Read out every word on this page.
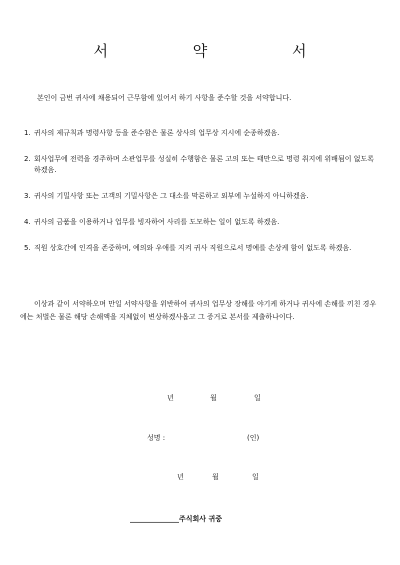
서 약 서
본인이 금번 귀사에 채용되어 근무함에 있어서 하기 사항을 준수할 것을 서약합니다.
1. 귀사의 제규칙과 명령사항 등을 준수함은 물론 상사의 업무상 지시에 순종하겠음.
2. 회사업무에 전력을 경주하며 소관업무를 성실히 수행함은 물론 고의 또는 태만으로 명령 취지에 위배됨이 없도록 하겠음.
3. 귀사의 기밀사항 또는 고객의 기밀사항은 그 대소를 막론하고 외부에 누설하지 아니하겠음.
4. 귀사의 금품을 이용하거나 업무를 빙자하여 사리를 도모하는 일이 없도록 하겠음.
5. 직원 상호간에 인격을 존중하며, 예의와 우애를 지켜 귀사 직원으로서 명예를 손상케 함이 없도록 하겠음.
이상과 같이 서약하오며 만일 서약사항을 위반하여 귀사의 업무상 장해를 야기케 하거나 귀사에 손해를 끼친 경우에는 처벌은 물론 해당 손해액을 지체없이 변상하겠사옵고 그 증거로 본서를 제출하나이다.
년	월	일
성명 :	(인)
년	월	일
______________주식회사 귀중
